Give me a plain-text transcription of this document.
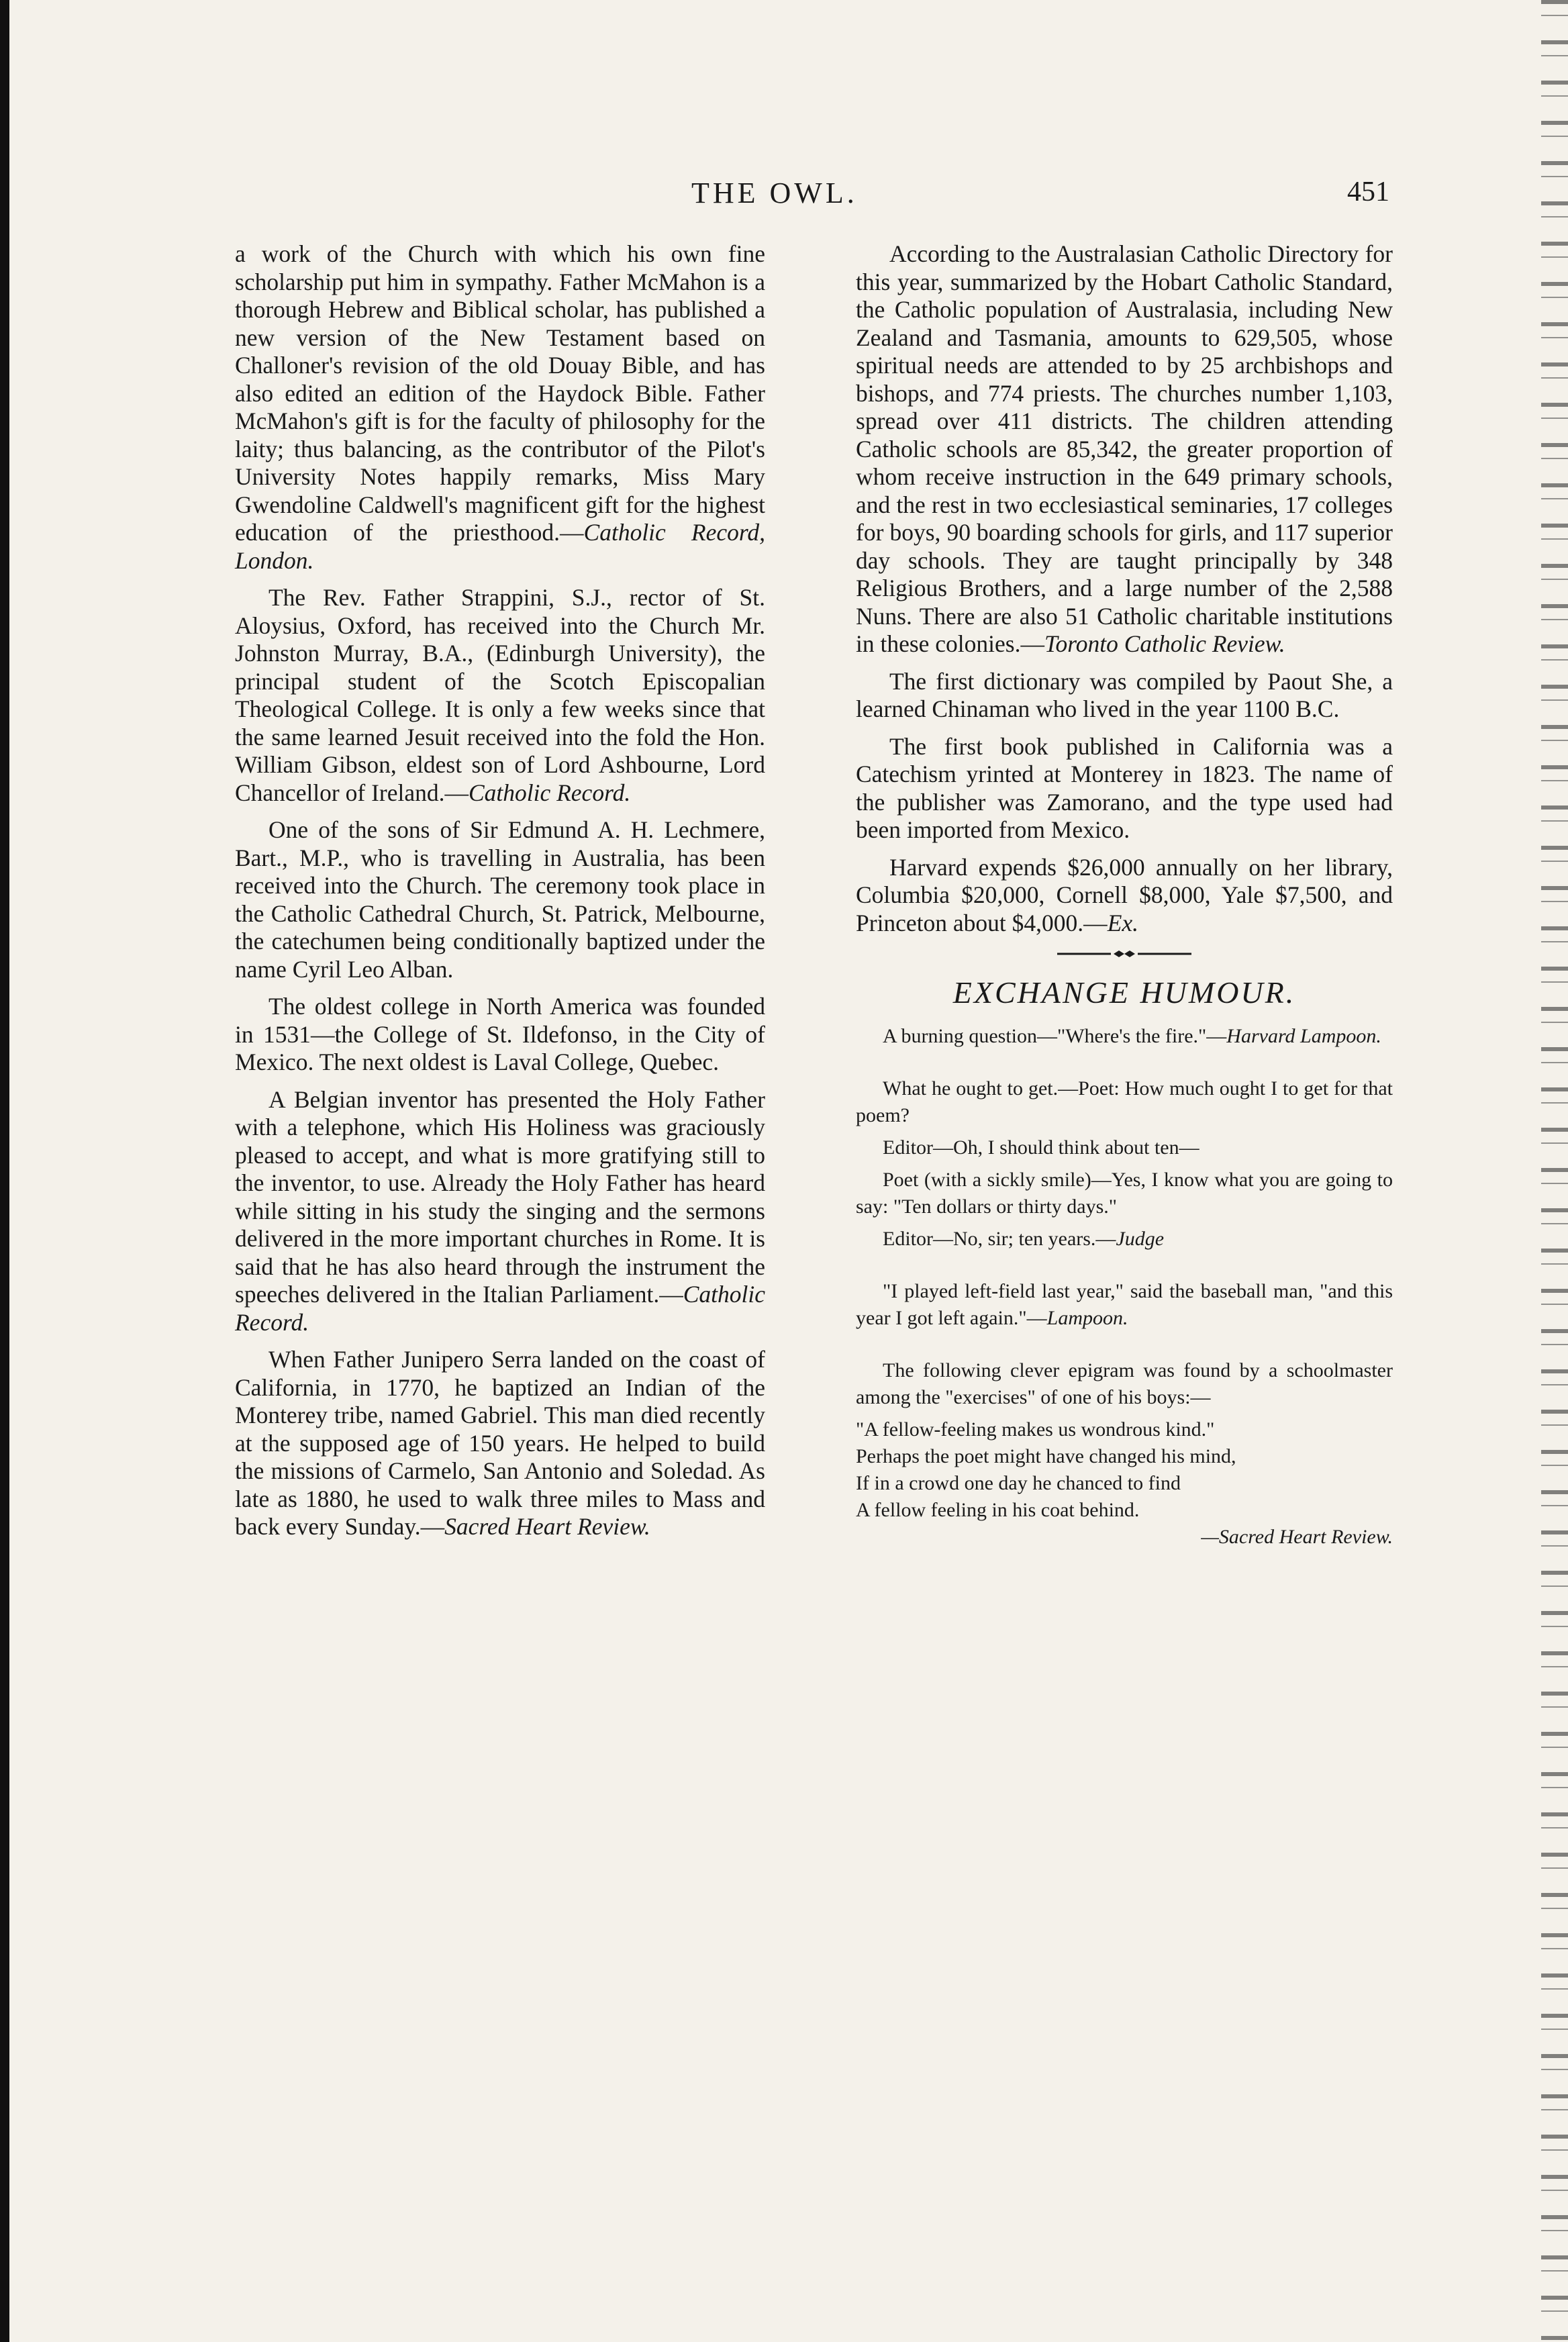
THE OWL.	451

a work of the Church with which his own fine scholarship put him in sympathy. Father McMahon is a thorough Hebrew and Biblical scholar, has published a new version of the New Testament based on Challoner's revision of the old Douay Bible, and has also edited an edition of the Haydock Bible. Father McMahon's gift is for the faculty of philosophy for the laity; thus balancing, as the contributor of the Pilot's University Notes happily remarks, Miss Mary Gwendoline Caldwell's magnificent gift for the highest education of the priesthood.—Catholic Record, London.

The Rev. Father Strappini, S.J., rector of St. Aloysius, Oxford, has received into the Church Mr. Johnston Murray, B.A., (Edinburgh University), the principal student of the Scotch Episcopalian Theological College. It is only a few weeks since that the same learned Jesuit received into the fold the Hon. William Gibson, eldest son of Lord Ashbourne, Lord Chancellor of Ireland.—Catholic Record.

One of the sons of Sir Edmund A. H. Lechmere, Bart., M.P., who is travelling in Australia, has been received into the Church. The ceremony took place in the Catholic Cathedral Church, St. Patrick, Melbourne, the catechumen being conditionally baptized under the name Cyril Leo Alban.

The oldest college in North America was founded in 1531—the College of St. Ildefonso, in the City of Mexico. The next oldest is Laval College, Quebec.

A Belgian inventor has presented the Holy Father with a telephone, which His Holiness was graciously pleased to accept, and what is more gratifying still to the inventor, to use. Already the Holy Father has heard while sitting in his study the singing and the sermons delivered in the more important churches in Rome. It is said that he has also heard through the instrument the speeches delivered in the Italian Parliament.—Catholic Record.

When Father Junipero Serra landed on the coast of California, in 1770, he baptized an Indian of the Monterey tribe, named Gabriel. This man died recently at the supposed age of 150 years. He helped to build the missions of Carmelo, San Antonio and Soledad. As late as 1880, he used to walk three miles to Mass and back every Sunday.—Sacred Heart Review.

According to the Australasian Catholic Directory for this year, summarized by the Hobart Catholic Standard, the Catholic population of Australasia, including New Zealand and Tasmania, amounts to 629,505, whose spiritual needs are attended to by 25 archbishops and bishops, and 774 priests. The churches number 1,103, spread over 411 districts. The children attending Catholic schools are 85,342, the greater proportion of whom receive instruction in the 649 primary schools, and the rest in two ecclesiastical seminaries, 17 colleges for boys, 90 boarding schools for girls, and 117 superior day schools. They are taught principally by 348 Religious Brothers, and a large number of the 2,588 Nuns. There are also 51 Catholic charitable institutions in these colonies.—Toronto Catholic Review.

The first dictionary was compiled by Paout She, a learned Chinaman who lived in the year 1100 B.C.

The first book published in California was a Catechism yrinted at Monterey in 1823. The name of the publisher was Zamorano, and the type used had been imported from Mexico.

Harvard expends $26,000 annually on her library, Columbia $20,000, Cornell $8,000, Yale $7,500, and Princeton about $4,000.—Ex.

EXCHANGE HUMOUR.

A burning question—"Where's the fire."—Harvard Lampoon.

What he ought to get.—Poet: How much ought I to get for that poem?

Editor—Oh, I should think about ten—

Poet (with a sickly smile)—Yes, I know what you are going to say: "Ten dollars or thirty days."

Editor—No, sir; ten years.—Judge

"I played left-field last year," said the baseball man, "and this year I got left again."—Lampoon.

The following clever epigram was found by a schoolmaster among the "exercises" of one of his boys:—

"A fellow-feeling makes us wondrous kind."

Perhaps the poet might have changed his mind,

If in a crowd one day he chanced to find

A fellow feeling in his coat behind.

—Sacred Heart Review.
